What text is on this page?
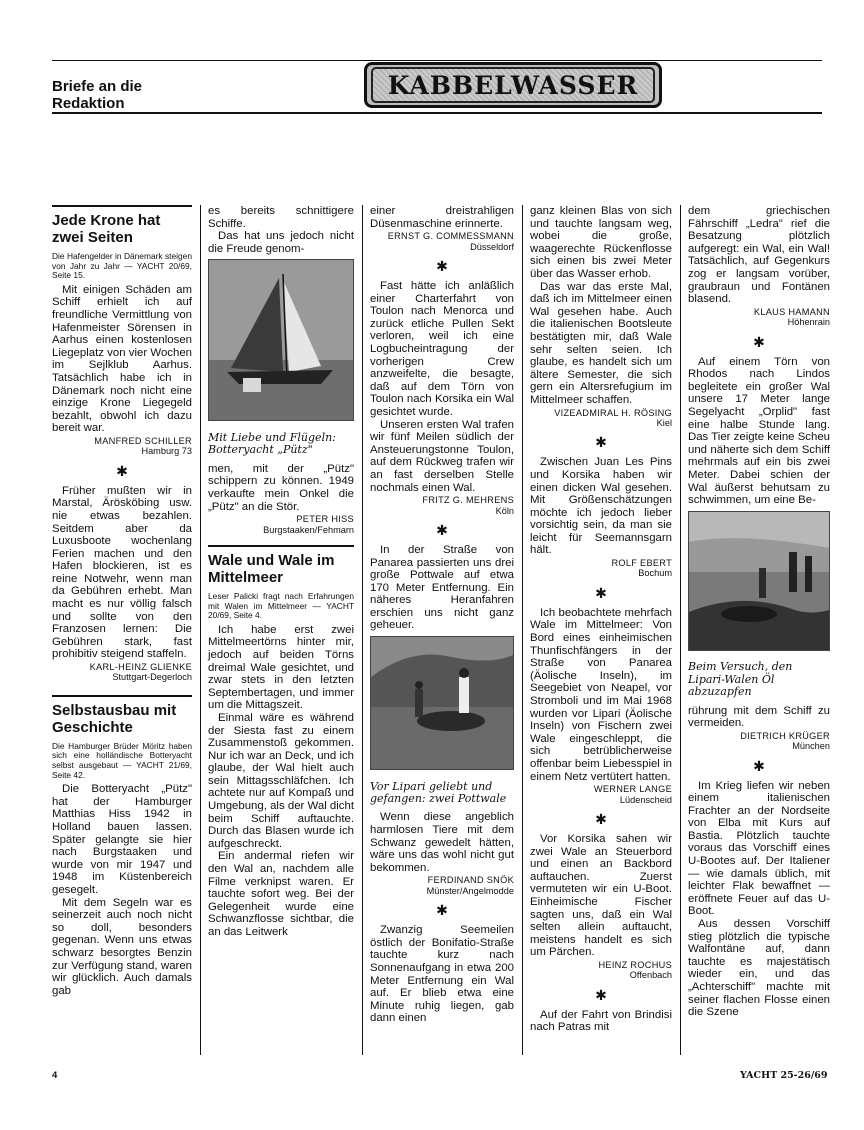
Briefe an die Redaktion
KABBELWASSER
Jede Krone hat zwei Seiten
Die Hafengelder in Dänemark steigen von Jahr zu Jahr — YACHT 20/69, Seite 15.

Mit einigen Schäden am Schiff erhielt ich auf freundliche Vermittlung von Hafenmeister Sörensen in Aarhus einen kostenlosen Liegeplatz von vier Wochen im Sejlklub Aarhus. Tatsächlich habe ich in Dänemark noch nicht eine einzige Krone Liegegeld bezahlt, obwohl ich dazu bereit war.

MANFRED SCHILLER
Hamburg 73
✱

Früher mußten wir in Marstal, Ärösköbing usw. nie etwas bezahlen. Seitdem aber da Luxusboote wochenlang Ferien machen und den Hafen blockieren, ist es reine Notwehr, wenn man da Gebühren erhebt. Man macht es nur völlig falsch und sollte von den Franzosen lernen: Die Gebühren stark, fast prohibitiv steigend staffeln.

KARL-HEINZ GLIENKE
Stuttgart-Degerloch
Selbstausbau mit Geschichte
Die Hamburger Brüder Möritz haben sich eine holländische Botteryacht selbst ausgebaut — YACHT 21/69, Seite 42.

Die Botteryacht „Pütz" hat der Hamburger Matthias Hiss 1942 in Holland bauen lassen. Später gelangte sie hier nach Burgstaaken und wurde von mir 1947 und 1948 im Küstenbereich gesegelt.

Mit dem Segeln war es seinerzeit auch noch nicht so doll, besonders gegenan. Wenn uns etwas schwarz besorgtes Benzin zur Verfügung stand, waren wir glücklich. Auch damals gab

es bereits schnittigere Schiffe.

Das hat uns jedoch nicht die Freude genom-

Mit Liebe und Flügeln: Botteryacht „Pütz"

men, mit der „Pütz" schippern zu können. 1949 verkaufte mein Onkel die „Pütz" an die Stör.

PETER HISS
Burgstaaken/Fehmarn
Wale und Wale im Mittelmeer
Leser Palicki fragt nach Erfahrungen mit Walen im Mittelmeer — YACHT 20/69, Seite 4.

Ich habe erst zwei Mittelmeertörns hinter mir, jedoch auf beiden Törns dreimal Wale gesichtet, und zwar stets in den letzten Septembertagen, und immer um die Mittagszeit.

Einmal wäre es während der Siesta fast zu einem Zusammenstoß gekommen. Nur ich war an Deck, und ich glaube, der Wal hielt auch sein Mittagsschläfchen. Ich achtete nur auf Kompaß und Umgebung, als der Wal dicht beim Schiff auftauchte. Durch das Blasen wurde ich aufgeschreckt.

Ein andermal riefen wir den Wal an, nachdem alle Filme verknipst waren. Er tauchte sofort weg. Bei der Gelegenheit wurde eine Schwanzflosse sichtbar, die an das Leitwerk

einer dreistrahligen Düsenmaschine erinnerte.

ERNST G. COMMESSMANN
Düsseldorf
✱

Fast hätte ich anläßlich einer Charterfahrt von Toulon nach Menorca und zurück etliche Pullen Sekt verloren, weil ich eine Logbucheintragung der vorherigen Crew anzweifelte, die besagte, daß auf dem Törn von Toulon nach Korsika ein Wal gesichtet wurde.

Unseren ersten Wal trafen wir fünf Meilen südlich der Ansteuerungstonne Toulon, auf dem Rückweg trafen wir an fast derselben Stelle nochmals einen Wal.

FRITZ G. MEHRENS
Köln
✱

In der Straße von Panarea passierten uns drei große Pottwale auf etwa 170 Meter Entfernung. Ein näheres Heranfahren erschien uns nicht ganz geheuer.

Vor Lipari geliebt und gefangen: zwei Pottwale

Wenn diese angeblich harmlosen Tiere mit dem Schwanz gewedelt hätten, wäre uns das wohl nicht gut bekommen.

FERDINAND SNÖK
Münster/Angelmodde
✱

Zwanzig Seemeilen östlich der Bonifatio-Straße tauchte kurz nach Sonnenaufgang in etwa 200 Meter Entfernung ein Wal auf. Er blieb etwa eine Minute ruhig liegen, gab dann einen

ganz kleinen Blas von sich und tauchte langsam weg, wobei die große, waagerechte Rückenflosse sich einen bis zwei Meter über das Wasser erhob.

Das war das erste Mal, daß ich im Mittelmeer einen Wal gesehen habe. Auch die italienischen Bootsleute bestätigten mir, daß Wale sehr selten seien. Ich glaube, es handelt sich um ältere Semester, die sich gern ein Altersrefugium im Mittelmeer schaffen.

VIZEADMIRAL H. RÖSING
Kiel
✱

Zwischen Juan Les Pins und Korsika haben wir einen dicken Wal gesehen. Mit Größenschätzungen möchte ich jedoch lieber vorsichtig sein, da man sie leicht für Seemannsgarn hält.

ROLF EBERT
Bochum
✱

Ich beobachtete mehrfach Wale im Mittelmeer: Von Bord eines einheimischen Thunfischfängers in der Straße von Panarea (Äolische Inseln), im Seegebiet von Neapel, vor Stromboli und im Mai 1968 wurden vor Lipari (Äolische Inseln) von Fischern zwei Wale eingeschleppt, die sich betrüblicherweise offenbar beim Liebesspiel in einem Netz vertütert hatten.

WERNER LANGE
Lüdenscheid
✱

Vor Korsika sahen wir zwei Wale an Steuerbord und einen an Backbord auftauchen. Zuerst vermuteten wir ein U-Boot. Einheimische Fischer sagten uns, daß ein Wal selten allein auftaucht, meistens handelt es sich um Pärchen.

HEINZ ROCHUS
Offenbach
✱

Auf der Fahrt von Brindisi nach Patras mit

dem griechischen Fährschiff „Ledra" rief die Besatzung plötzlich aufgeregt: ein Wal, ein Wal! Tatsächlich, auf Gegenkurs zog er langsam vorüber, graubraun und Fontänen blasend.

KLAUS HAMANN
Höhenrain
✱

Auf einem Törn von Rhodos nach Lindos begleitete ein großer Wal unsere 17 Meter lange Segelyacht „Orplid" fast eine halbe Stunde lang. Das Tier zeigte keine Scheu und näherte sich dem Schiff mehrmals auf ein bis zwei Meter. Dabei schien der Wal äußerst behutsam zu schwimmen, um eine Be-

Beim Versuch, den Lipari-Walen Öl abzuzapfen

rührung mit dem Schiff zu vermeiden.

DIETRICH KRÜGER
München
✱

Im Krieg liefen wir neben einem italienischen Frachter an der Nordseite von Elba mit Kurs auf Bastia. Plötzlich tauchte voraus das Vorschiff eines U-Bootes auf. Der Italiener — wie damals üblich, mit leichter Flak bewaffnet — eröffnete Feuer auf das U-Boot.

Aus dessen Vorschiff stieg plötzlich die typische Walfontäne auf, dann tauchte es majestätisch wieder ein, und das „Achterschiff" machte mit seiner flachen Flosse einen die Szene

4	YACHT 25-26/69
